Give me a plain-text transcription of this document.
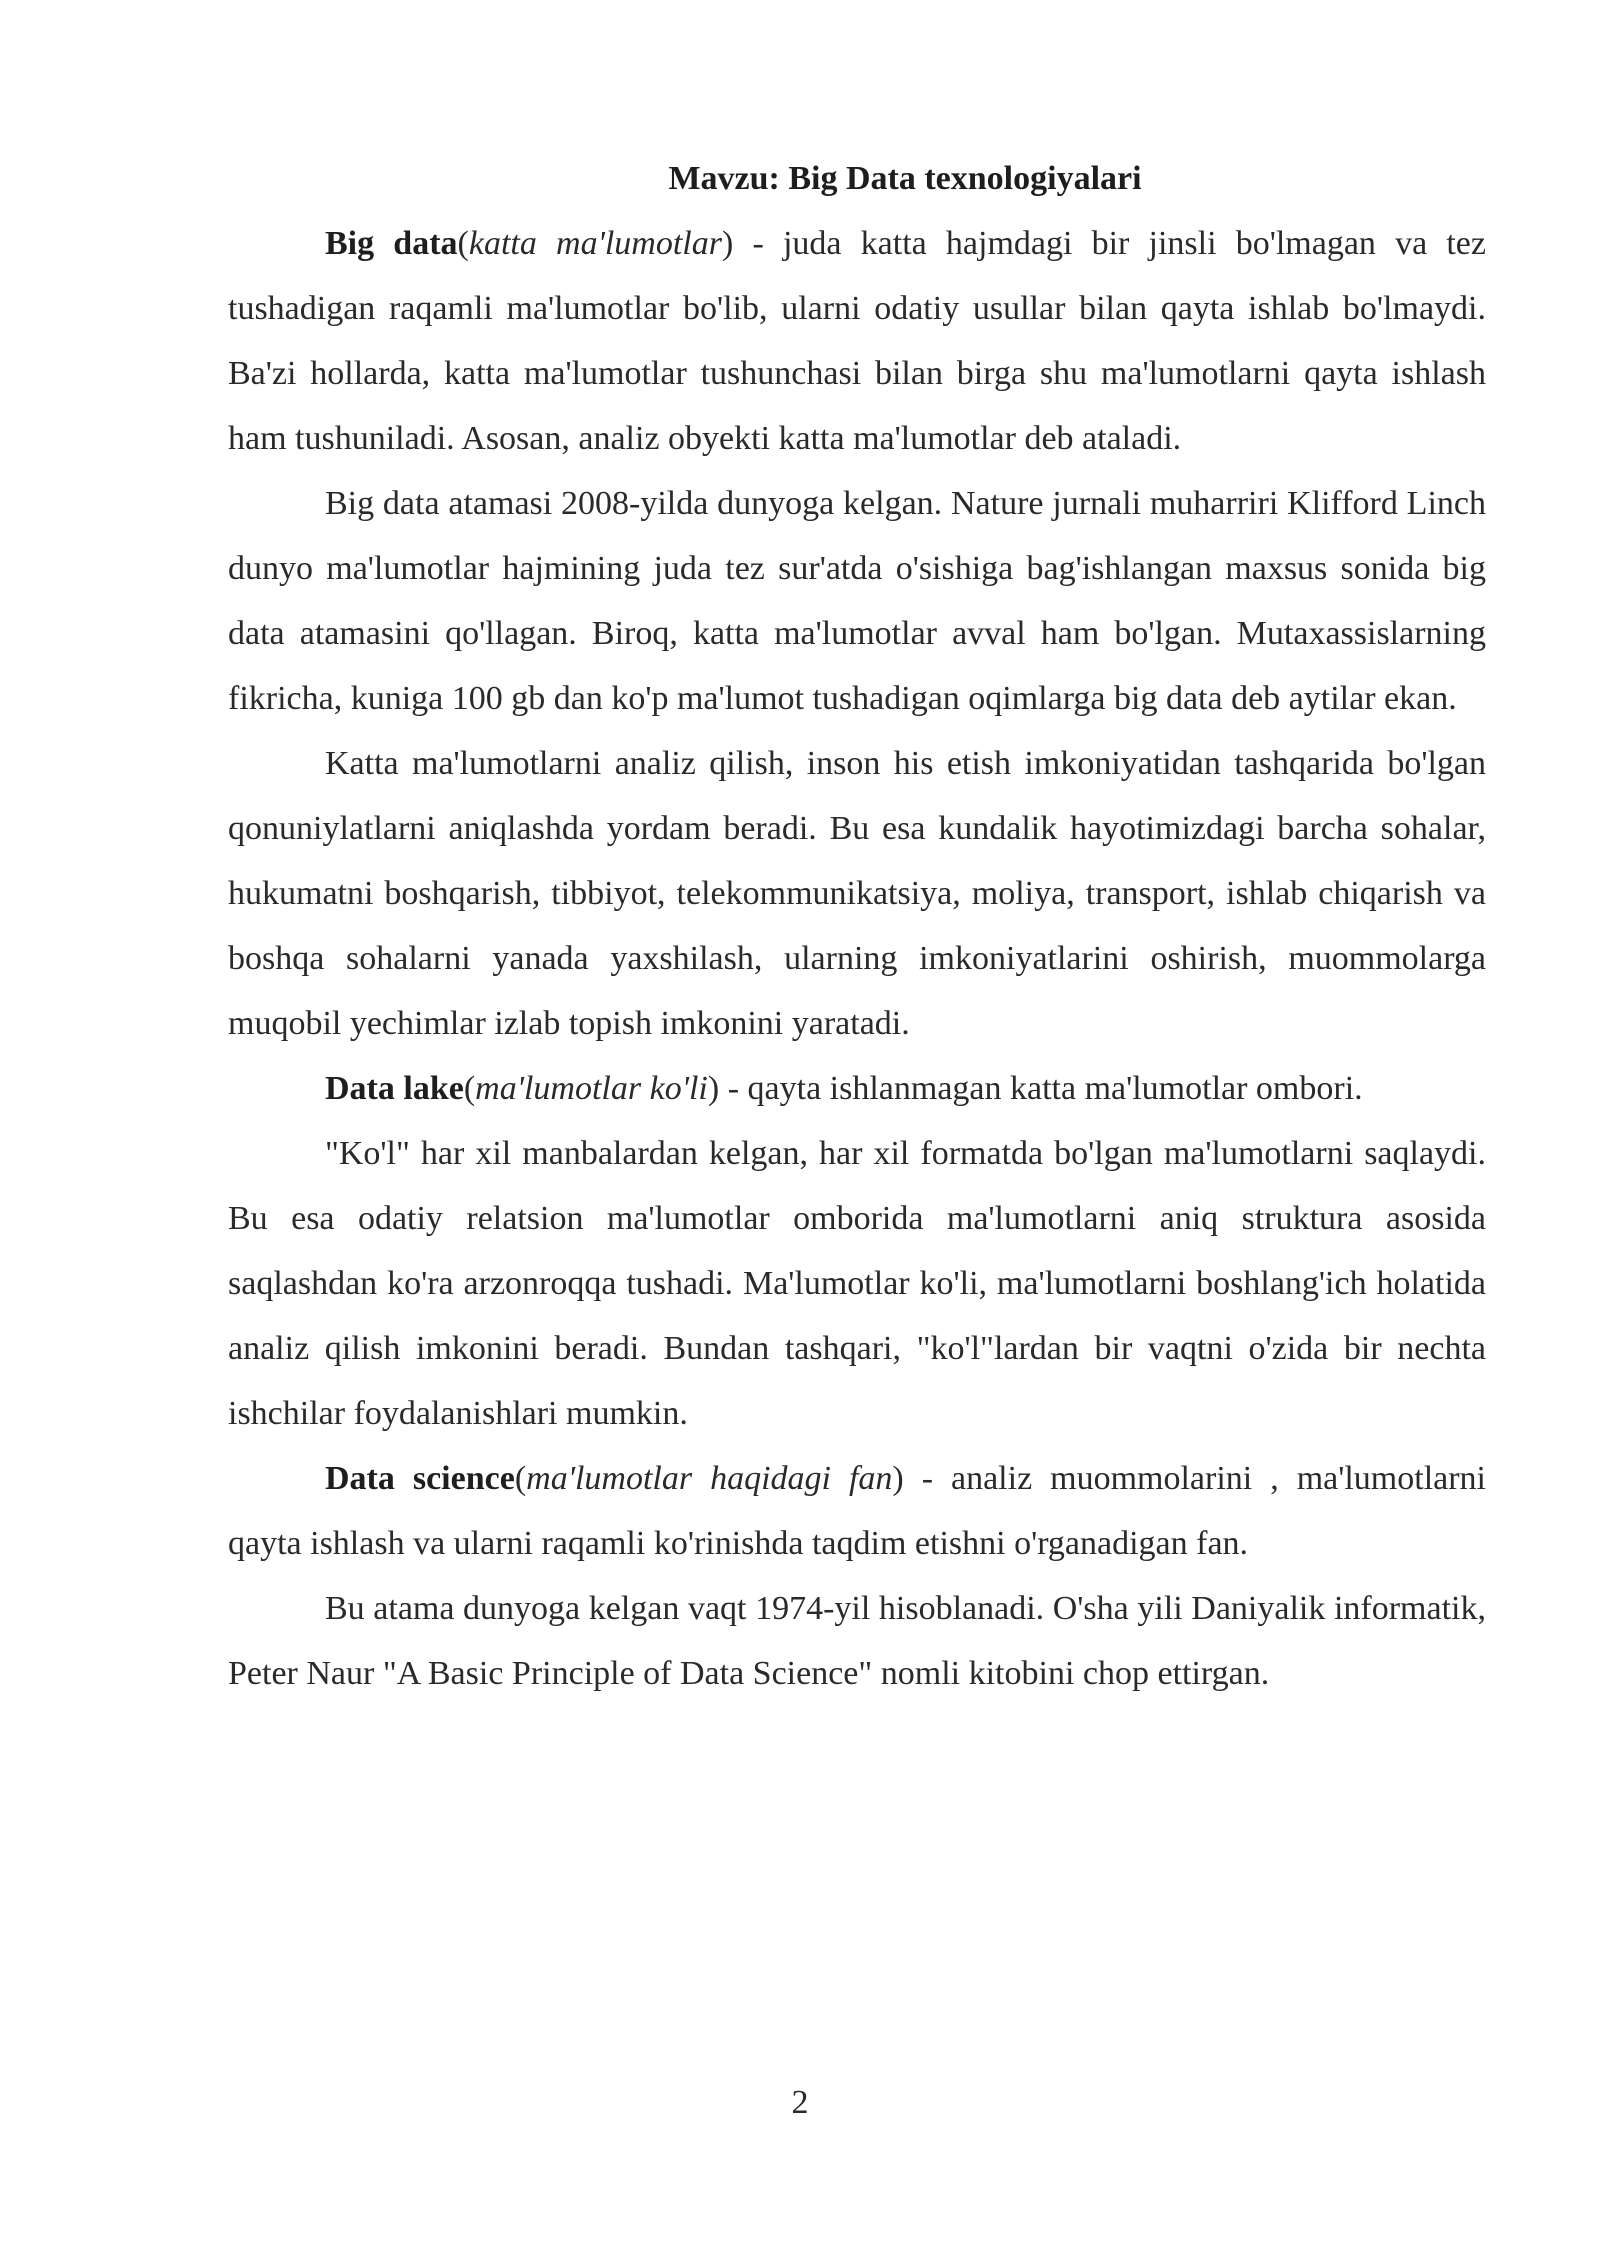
Mavzu: Big Data texnologiyalari

Big data(katta ma'lumotlar) - juda katta hajmdagi bir jinsli bo'lmagan va tez tushadigan raqamli ma'lumotlar bo'lib, ularni odatiy usullar bilan qayta ishlab bo'lmaydi. Ba'zi hollarda, katta ma'lumotlar tushunchasi bilan birga shu ma'lumotlarni qayta ishlash ham tushuniladi. Asosan, analiz obyekti katta ma'lumotlar deb ataladi.

Big data atamasi 2008-yilda dunyoga kelgan. Nature jurnali muharriri Klifford Linch dunyo ma'lumotlar hajmining juda tez sur'atda o'sishiga bag'ishlangan maxsus sonida big data atamasini qo'llagan. Biroq, katta ma'lumotlar avval ham bo'lgan. Mutaxassislarning fikricha, kuniga 100 gb dan ko'p ma'lumot tushadigan oqimlarga big data deb aytilar ekan.

Katta ma'lumotlarni analiz qilish, inson his etish imkoniyatidan tashqarida bo'lgan qonuniylatlarni aniqlashda yordam beradi. Bu esa kundalik hayotimizdagi barcha sohalar, hukumatni boshqarish, tibbiyot, telekommunikatsiya, moliya, transport, ishlab chiqarish va boshqa sohalarni yanada yaxshilash, ularning imkoniyatlarini oshirish, muommolarga muqobil yechimlar izlab topish imkonini yaratadi.

Data lake(ma'lumotlar ko'li) - qayta ishlanmagan katta ma'lumotlar ombori.

"Ko'l" har xil manbalardan kelgan, har xil formatda bo'lgan ma'lumotlarni saqlaydi. Bu esa odatiy relatsion ma'lumotlar omborida ma'lumotlarni aniq struktura asosida saqlashdan ko'ra arzonroqqa tushadi. Ma'lumotlar ko'li, ma'lumotlarni boshlang'ich holatida analiz qilish imkonini beradi. Bundan tashqari, "ko'l"lardan bir vaqtni o'zida bir nechta ishchilar foydalanishlari mumkin.

Data science(ma'lumotlar haqidagi fan) - analiz muommolarini , ma'lumotlarni qayta ishlash va ularni raqamli ko'rinishda taqdim etishni o'rganadigan fan.

Bu atama dunyoga kelgan vaqt 1974-yil hisoblanadi. O'sha yili Daniyalik informatik, Peter Naur "A Basic Principle of Data Science" nomli kitobini chop ettirgan.

2
